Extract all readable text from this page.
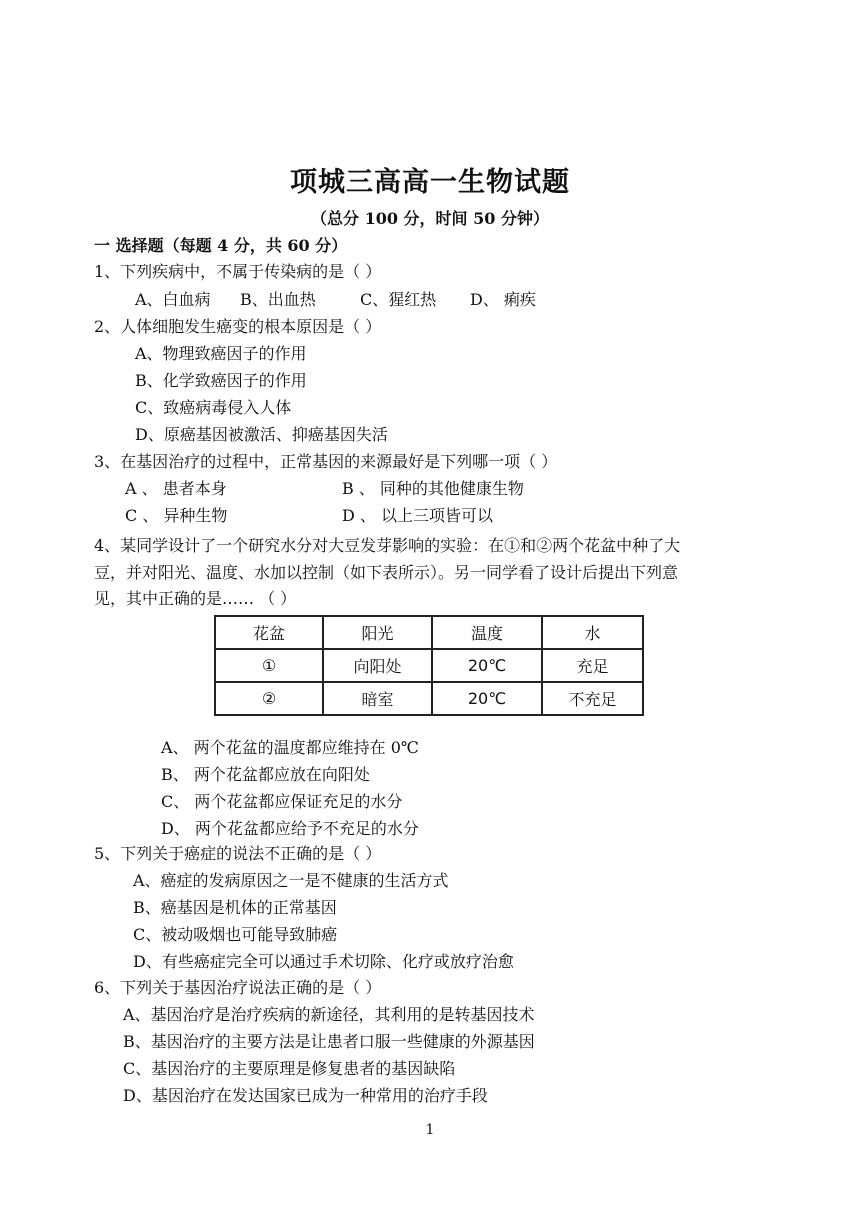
项城三高高一生物试题
（总分 100 分，时间 50 分钟）
一 选择题（每题 4 分，共 60 分）
1、下列疾病中，不属于传染病的是（ ）
A、白血病 B、出血热	C、猩红热 D、 痢疾
2、人体细胞发生癌变的根本原因是（ ）
A、物理致癌因子的作用
B、化学致癌因子的作用
C、致癌病毒侵入人体
D、原癌基因被激活、抑癌基因失活
3、在基因治疗的过程中，正常基因的来源最好是下列哪一项（ ）
A 、 患者本身	B 、 同种的其他健康生物
C 、 异种生物	D 、 以上三项皆可以
4、某同学设计了一个研究水分对大豆发芽影响的实验：在①和②两个花盆中种了大
豆，并对阳光、温度、水加以控制（如下表所示）。另一同学看了设计后提出下列意
见，其中正确的是…… （ ）
花盆	阳光	温度	水
①	向阳处	20℃	充足
②	暗室	20℃	不充足
A、 两个花盆的温度都应维持在 0℃
B、 两个花盆都应放在向阳处
C、 两个花盆都应保证充足的水分
D、 两个花盆都应给予不充足的水分
5、下列关于癌症的说法不正确的是（ ）
A、癌症的发病原因之一是不健康的生活方式
B、癌基因是机体的正常基因
C、被动吸烟也可能导致肺癌
D、有些癌症完全可以通过手术切除、化疗或放疗治愈
6、下列关于基因治疗说法正确的是（ ）
A、基因治疗是治疗疾病的新途径，其利用的是转基因技术
B、基因治疗的主要方法是让患者口服一些健康的外源基因
C、基因治疗的主要原理是修复患者的基因缺陷
D、基因治疗在发达国家已成为一种常用的治疗手段
1
